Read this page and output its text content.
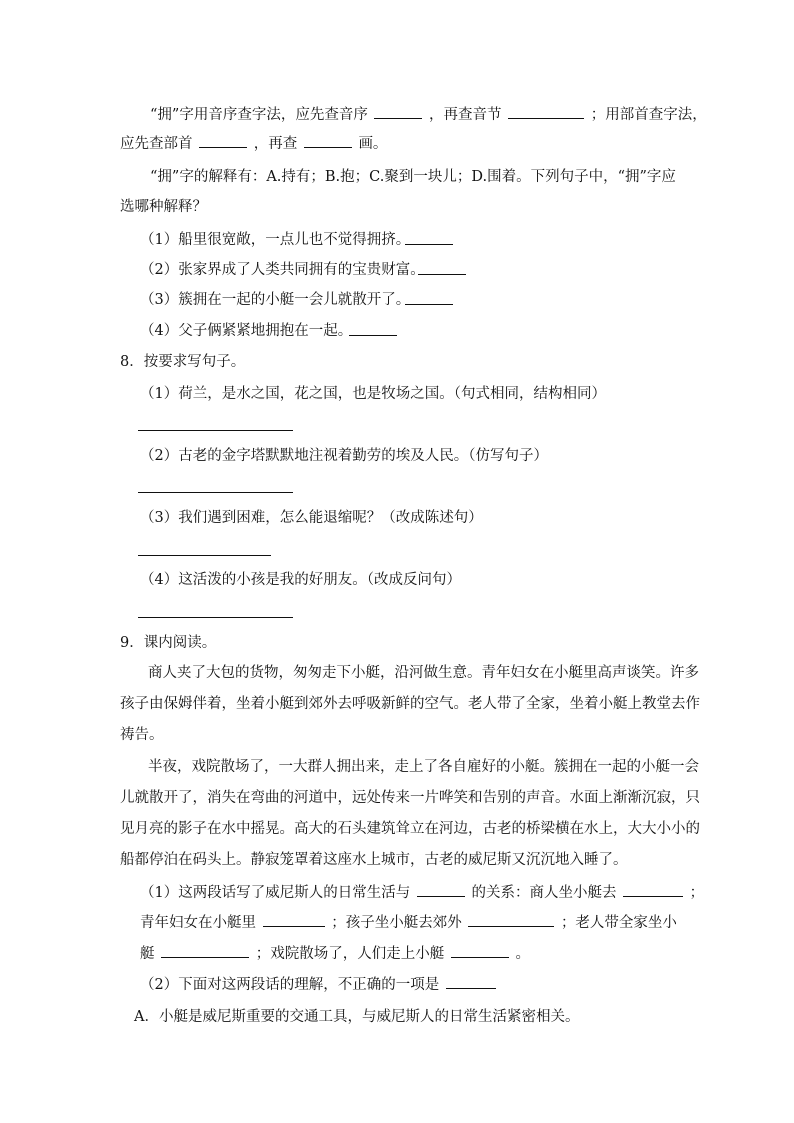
“拥”字用音序查字法，应先查音序	，再查音节	；用部首查字法，
应先查部首	，再查	画。
“拥”字的解释有：A.持有；B.抱；C.聚到一块儿；D.围着。下列句子中，“拥”字应
选哪种解释？
（1）船里很宽敞，一点儿也不觉得拥挤。
（2）张家界成了人类共同拥有的宝贵财富。
（3）簇拥在一起的小艇一会儿就散开了。
（4）父子俩紧紧地拥抱在一起。
8．按要求写句子。
（1）荷兰，是水之国，花之国，也是牧场之国。（句式相同，结构相同）
（2）古老的金字塔默默地注视着勤劳的埃及人民。（仿写句子）
（3）我们遇到困难，怎么能退缩呢？（改成陈述句）
（4）这活泼的小孩是我的好朋友。（改成反问句）
9．课内阅读。
商人夹了大包的货物，匆匆走下小艇，沿河做生意。青年妇女在小艇里高声谈笑。许多
孩子由保姆伴着，坐着小艇到郊外去呼吸新鲜的空气。老人带了全家，坐着小艇上教堂去作
祷告。
半夜，戏院散场了，一大群人拥出来，走上了各自雇好的小艇。簇拥在一起的小艇一会
儿就散开了，消失在弯曲的河道中，远处传来一片哗笑和告别的声音。水面上渐渐沉寂，只
见月亮的影子在水中摇晃。高大的石头建筑耸立在河边，古老的桥梁横在水上，大大小小的
船都停泊在码头上。静寂笼罩着这座水上城市，古老的威尼斯又沉沉地入睡了。
（1）这两段话写了威尼斯人的日常生活与	的关系：商人坐小艇去	；
青年妇女在小艇里	；孩子坐小艇去郊外	；老人带全家坐小
艇	；戏院散场了，人们走上小艇	。
（2）下面对这两段话的理解，不正确的一项是
A．小艇是威尼斯重要的交通工具，与威尼斯人的日常生活紧密相关。
